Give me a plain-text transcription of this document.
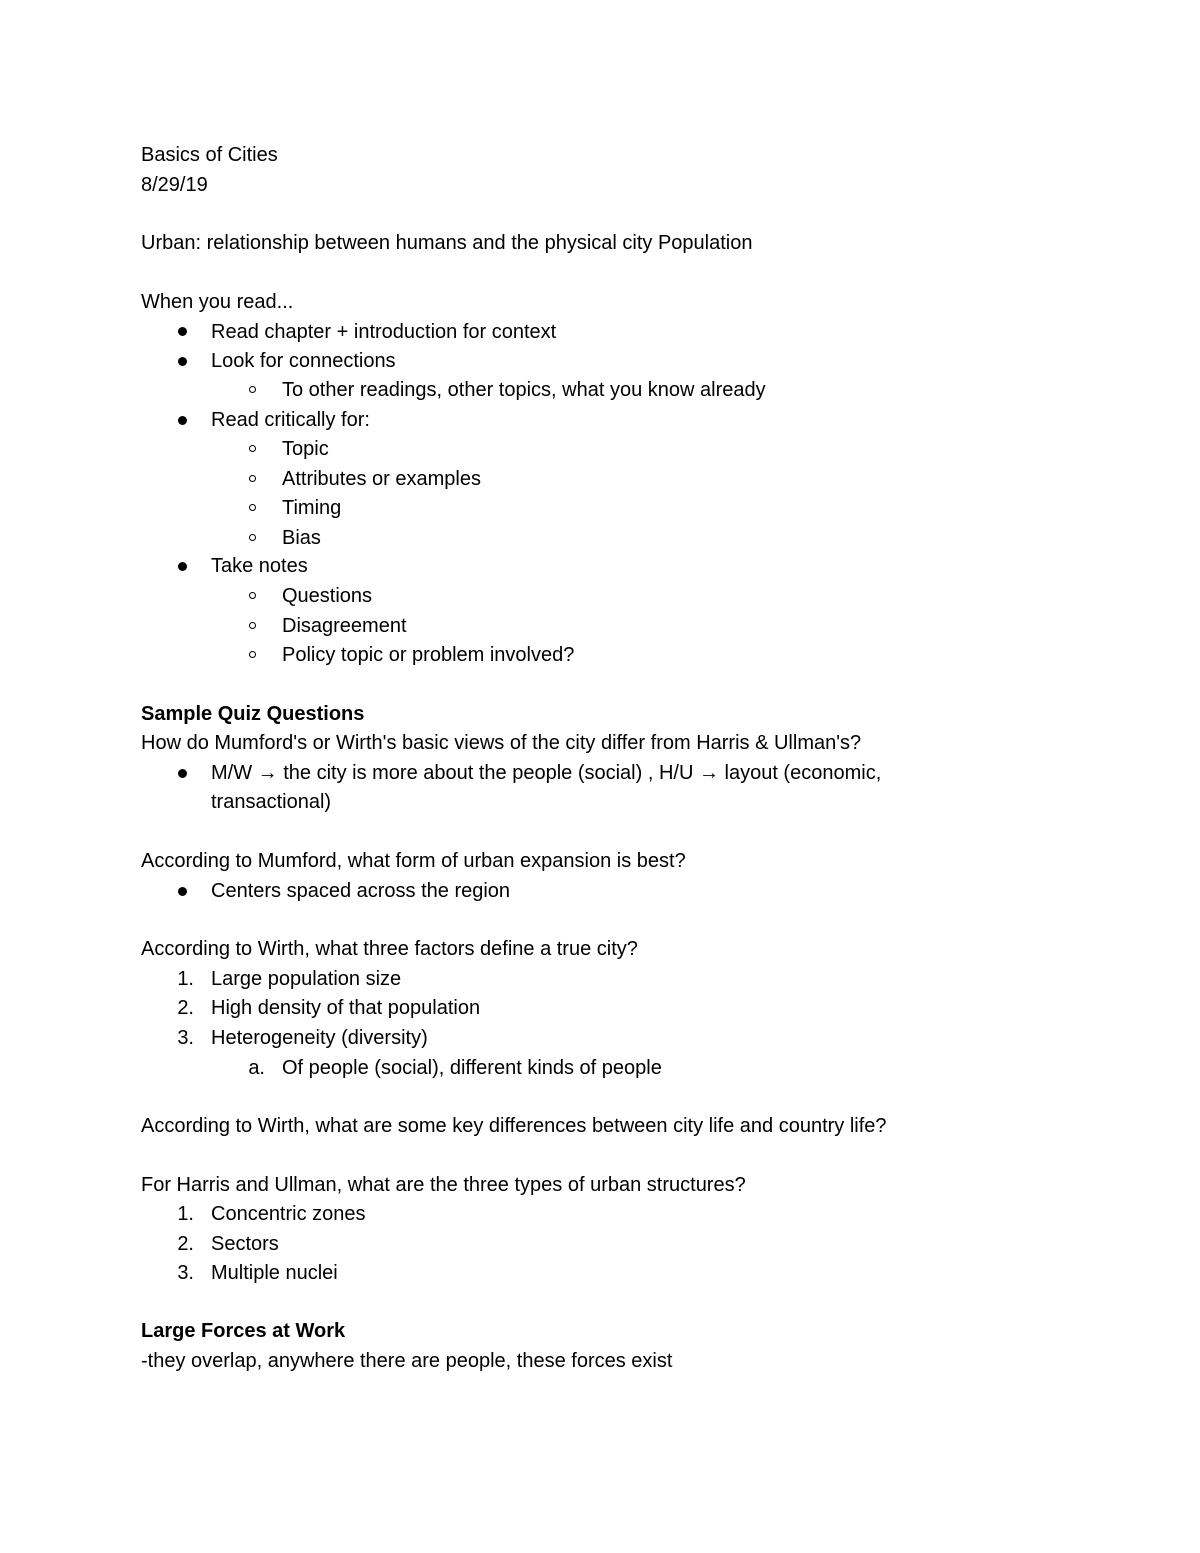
Basics of Cities
8/29/19
Urban: relationship between humans and the physical city Population
When you read...
Read chapter + introduction for context
Look for connections
To other readings, other topics, what you know already
Read critically for:
Topic
Attributes or examples
Timing
Bias
Take notes
Questions
Disagreement
Policy topic or problem involved?
Sample Quiz Questions
How do Mumford's or Wirth's basic views of the city differ from Harris & Ullman's?
M/W → the city is more about the people (social) , H/U → layout (economic,
transactional)
According to Mumford, what form of urban expansion is best?
Centers spaced across the region
According to Wirth, what three factors define a true city?
1. Large population size
2. High density of that population
3. Heterogeneity (diversity)
a. Of people (social), different kinds of people
According to Wirth, what are some key differences between city life and country life?
For Harris and Ullman, what are the three types of urban structures?
1. Concentric zones
2. Sectors
3. Multiple nuclei
Large Forces at Work
-they overlap, anywhere there are people, these forces exist
